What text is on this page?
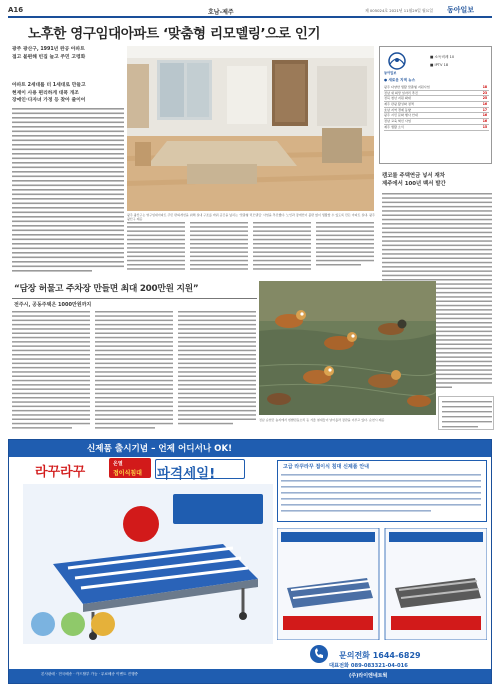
A16	호남-제주	제 005024호 2021년 11월29일 월요일 동아일보
노후한 영구임대아파트 ‘맞춤형 리모델링’으로 인기
광주 광산구, 1991년 완공 아파트
접고 불편해 빈집 늘고 주민 고령화
아파트 2세대를 터 1세대로 만들고
현재이 사용 편리하게 대폭 개조
장애인·다자녀 가정 등 찾아 줄이어
광주 광산구는 영구임대아파트 주민 편의개선을 위해 실내 구조를 바꿔 공간을 넓히는 ‘맞춤형 리모델링’ 사업을 추진했다. 노인과 장애인이 불편 없이 생활할 수 있도록 만든 아파트 실내. 광주 광산구 제공
동아일보
■ 소독비례 10
■ IPTV 18
● 새로운 지역 뉴스
광주 다양한 생활 맞춤형 지원사업	18
전남 새 희망 일자리 추진	23
전북 청년 지원 확대	25
제주 관광 활성화 정책	16
호남 지역 경제 동향	17
광주 시민 문화 행사 안내	16
전남 교육 혁신 사업	16
제주 생활 소식	15
캠코를 주택연금 넣서 재차
제주에서 100년 백서 발간
“담장 허물고 주차장 만들면 최대 200만원 지원”
전주시, 공동주택은 1000만원까지
전남 순천만 습지에서 흰뺨검둥오리 등 겨울 철새들이 날아올라 장관을 이루고 있다. 순천시 제공
신제품 출시기념 – 언제 어디서나 OK!
라꾸라꾸
온열
접이식침대 파격세일!	고급 라꾸라꾸 접이식 침대 신제품 안내
문의전화 1644-6829
대표전화 089-083321-04-016
본사판매 · 전국배송 · 카드할부 가능 · 무료배송 이벤트 진행중	(주)라이엔네트웍
